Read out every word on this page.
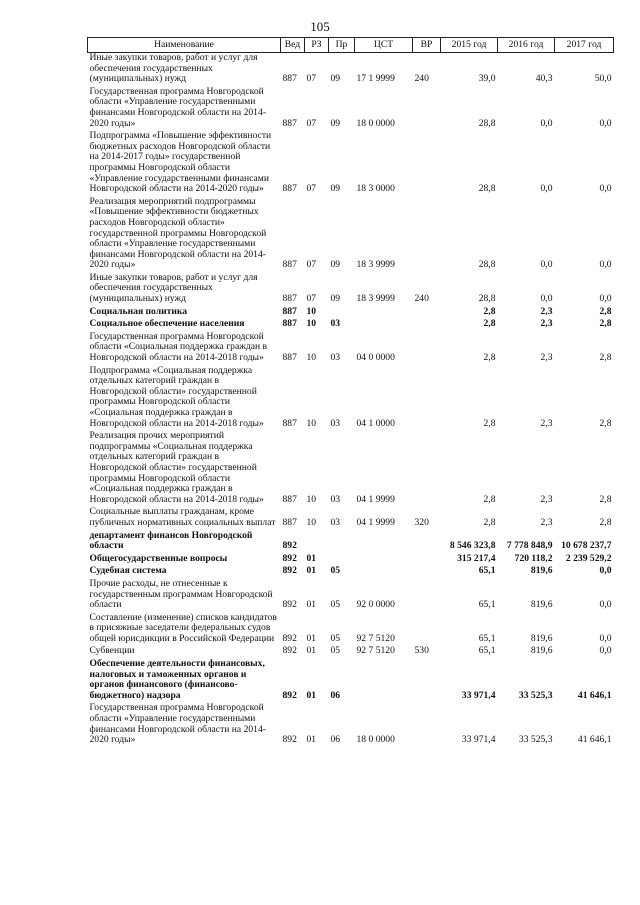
105
Наименование	Вед	РЗ	Пр	ЦСТ	ВР	2015 год	2016 год	2017 год
Иные закупки товаров, работ и услуг для обеспечения государственных (муниципальных) нужд	887	07	09	17 1 9999	240	39,0	40,3	50,0
Государственная программа Новгородской области «Управление государственными финансами Новгородской области на 2014-2020 годы»	887	07	09	18 0 0000		28,8	0,0	0,0
Подпрограмма «Повышение эффективности бюджетных расходов Новгородской области на 2014-2017 годы» государственной программы Новгородской области «Управление государственными финансами Новгородской области на 2014-2020 годы»	887	07	09	18 3 0000		28,8	0,0	0,0
Реализация мероприятий подпрограммы «Повышение эффективности бюджетных расходов Новгородской области» государственной программы Новгородской области «Управление государственными финансами Новгородской области на 2014-2020 годы»	887	07	09	18 3 9999		28,8	0,0	0,0
Иные закупки товаров, работ и услуг для обеспечения государственных (муниципальных) нужд	887	07	09	18 3 9999	240	28,8	0,0	0,0
Социальная политика	887	10				2,8	2,3	2,8
Социальное обеспечение населения	887	10	03			2,8	2,3	2,8
Государственная программа Новгородской области «Социальная поддержка граждан в Новгородской области на 2014-2018 годы»	887	10	03	04 0 0000		2,8	2,3	2,8
Подпрограмма «Социальная поддержка отдельных категорий граждан в Новгородской области» государственной программы Новгородской области «Социальная поддержка граждан в Новгородской области на 2014-2018 годы»	887	10	03	04 1 0000		2,8	2,3	2,8
Реализация прочих мероприятий подпрограммы «Социальная поддержка отдельных категорий граждан в Новгородской области» государственной программы Новгородской области «Социальная поддержка граждан в Новгородской области на 2014-2018 годы»	887	10	03	04 1 9999		2,8	2,3	2,8
Социальные выплаты гражданам, кроме публичных нормативных социальных выплат	887	10	03	04 1 9999	320	2,8	2,3	2,8
департамент финансов Новгородской области	892					8 546 323,8	7 778 848,9	10 678 237,7
Общегосударственные вопросы	892	01				315 217,4	720 118,2	2 239 529,2
Судебная система	892	01	05			65,1	819,6	0,0
Прочие расходы, не отнесенные к государственным программам Новгородской области	892	01	05	92 0 0000		65,1	819,6	0,0
Составление (изменение) списков кандидатов в присяжные заседатели федеральных судов общей юрисдикции в Российской Федерации	892	01	05	92 7 5120		65,1	819,6	0,0
Субвенции	892	01	05	92 7 5120	530	65,1	819,6	0,0
Обеспечение деятельности финансовых, налоговых и таможенных органов и органов финансового (финансово-бюджетного) надзора	892	01	06			33 971,4	33 525,3	41 646,1
Государственная программа Новгородской области «Управление государственными финансами Новгородской области на 2014-2020 годы»	892	01	06	18 0 0000		33 971,4	33 525,3	41 646,1
